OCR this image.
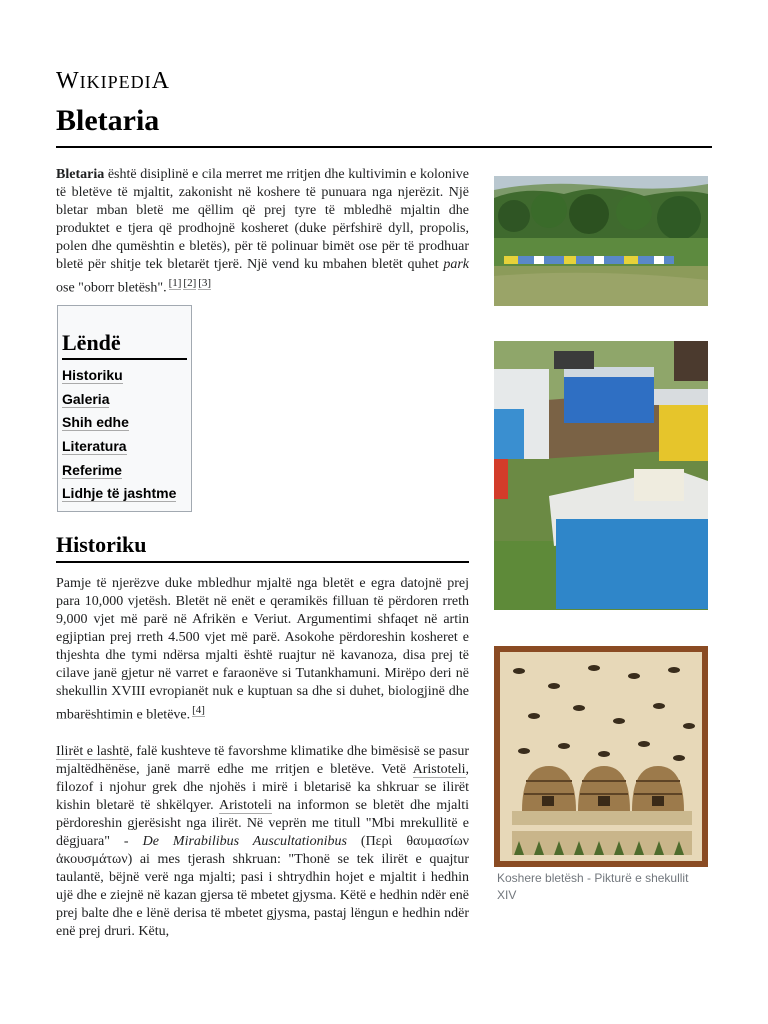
WIKIPEDIA
Bletaria

Bletaria është disiplinë e cila merret me rritjen dhe kultivimin e kolonive të bletëve të mjaltit, zakonisht në koshere të punuara nga njerëzit. Një bletar mban bletë me qëllim që prej tyre të mbledhë mjaltin dhe produktet e tjera që prodhojnë kosheret (duke përfshirë dyll, propolis, polen dhe qumështin e bletës), për të polinuar bimët ose për të prodhuar bletë për shitje tek bletarët tjerë. Një vend ku mbahen bletët quhet park ose "oborr bletësh". [1] [2] [3]

Lëndë
Historiku
Galeria
Shih edhe
Literatura
Referime
Lidhje të jashtme
Historiku

Pamje të njerëzve duke mbledhur mjaltë nga bletët e egra datojnë prej para 10,000 vjetësh. Bletët në enët e qeramikës filluan të përdoren rreth 9,000 vjet më parë në Afrikën e Veriut. Argumentimi shfaqet në artin egjiptian prej rreth 4.500 vjet më parë. Asokohe përdoreshin kosheret e thjeshta dhe tymi ndërsa mjalti është ruajtur në kavanoza, disa prej të cilave janë gjetur në varret e faraonëve si Tutankhamuni. Mirëpo deri në shekullin XVIII evropianët nuk e kuptuan sa dhe si duhet, biologjinë dhe mbarështimin e bletëve. [4]

Ilirët e lashtë, falë kushteve të favorshme klimatike dhe bimësisë se pasur mjaltëdhënëse, janë marrë edhe me rritjen e bletëve. Vetë Aristoteli, filozof i njohur grek dhe njohës i mirë i bletarisë ka shkruar se ilirët kishin bletarë të shkëlqyer. Aristoteli na informon se bletët dhe mjalti përdoreshin gjerësisht nga ilirët. Në veprën me titull "Mbi mrekullitë e dëgjuara" - De Mirabilibus Auscultationibus (Περὶ θαυμασίων ἀκουσμάτων) ai mes tjerash shkruan: "Thonë se tek ilirët e quajtur taulantë, bëjnë verë nga mjalti; pasi i shtrydhin hojet e mjaltit i hedhin ujë dhe e ziejnë në kazan gjersa të mbetet gjysma. Këtë e hedhin ndër enë prej balte dhe e lënë derisa të mbetet gjysma, pastaj lëngun e hedhin ndër enë prej druri. Këtu,

Koshere bletësh - Pikturë e shekullit XIV
